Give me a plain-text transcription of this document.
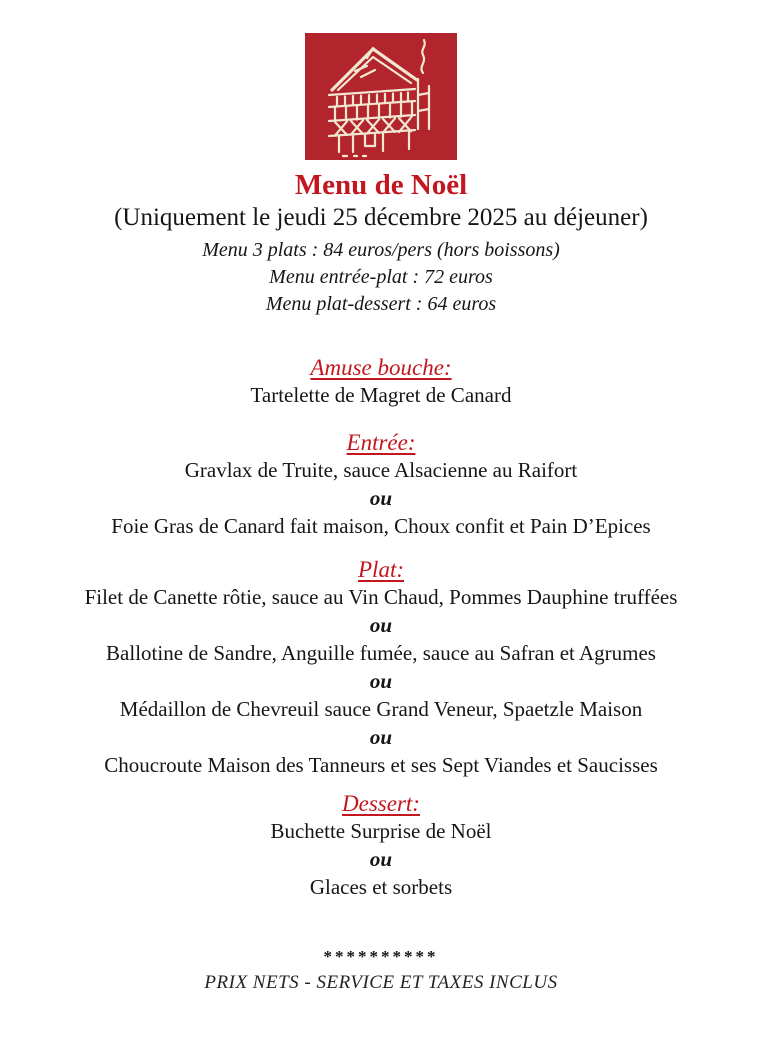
Menu de Noël
(Uniquement le jeudi 25 décembre 2025 au déjeuner)
Menu 3 plats : 84 euros/pers (hors boissons)
Menu entrée-plat : 72 euros
Menu plat-dessert : 64 euros
Amuse bouche:
Tartelette de Magret de Canard
Entrée:
Gravlax de Truite, sauce Alsacienne au Raifort
ou
Foie Gras de Canard fait maison, Choux confit et Pain D’Epices
Plat:
Filet de Canette rôtie, sauce au Vin Chaud, Pommes Dauphine truffées
ou
Ballotine de Sandre, Anguille fumée, sauce au Safran et Agrumes
ou
Médaillon de Chevreuil sauce Grand Veneur, Spaetzle Maison
ou
Choucroute Maison des Tanneurs et ses Sept Viandes et Saucisses
Dessert:
Buchette Surprise de Noël
ou
Glaces et sorbets
**********
PRIX NETS - SERVICE ET TAXES INCLUS
